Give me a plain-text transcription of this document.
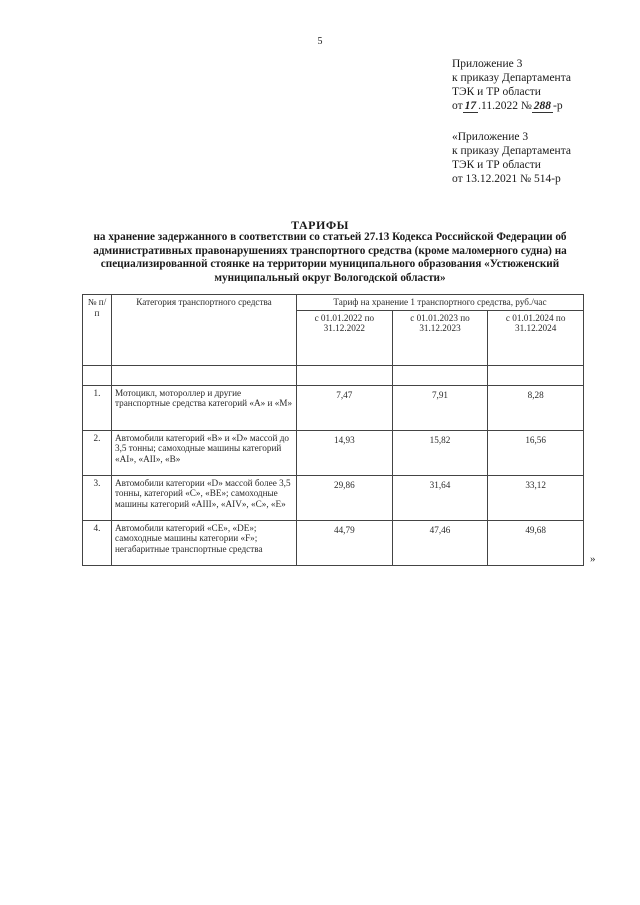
5
Приложение 3
к приказу Департамента
ТЭК и ТР области
от 17 .11.2022 № 288 -р
«Приложение 3
к приказу Департамента
ТЭК и ТР области
от 13.12.2021 № 514-р
ТАРИФЫ
на хранение задержанного в соответствии со статьей 27.13 Кодекса Российской Федерации об административных правонарушениях транспортного средства (кроме маломерного судна) на специализированной стоянке на территории муниципального образования «Устюженский муниципальный округ Вологодской области»
№ п/п	Категория транспортного средства	Тариф на хранение 1 транспортного средства, руб./час		
		с 01.01.2022 по 31.12.2022	с 01.01.2023 по 31.12.2023	с 01.01.2024 по 31.12.2024

1.	Мотоцикл, мотороллер и другие транспортные средства категорий «А» и «М»	7,47	7,91	8,28
2.	Автомобили категорий «В» и «D» массой до 3,5 тонны; самоходные машины категорий «АI», «АII», «В»	14,93	15,82	16,56
3.	Автомобили категории «D» массой более 3,5 тонны, категорий «С», «ВЕ»; самоходные машины категорий «АIII», «АIV», «С», «Е»	29,86	31,64	33,12
4.	Автомобили категорий «СЕ», «DE»; самоходные машины категории «F»; негабаритные транспортные средства	44,79	47,46	49,68
»
